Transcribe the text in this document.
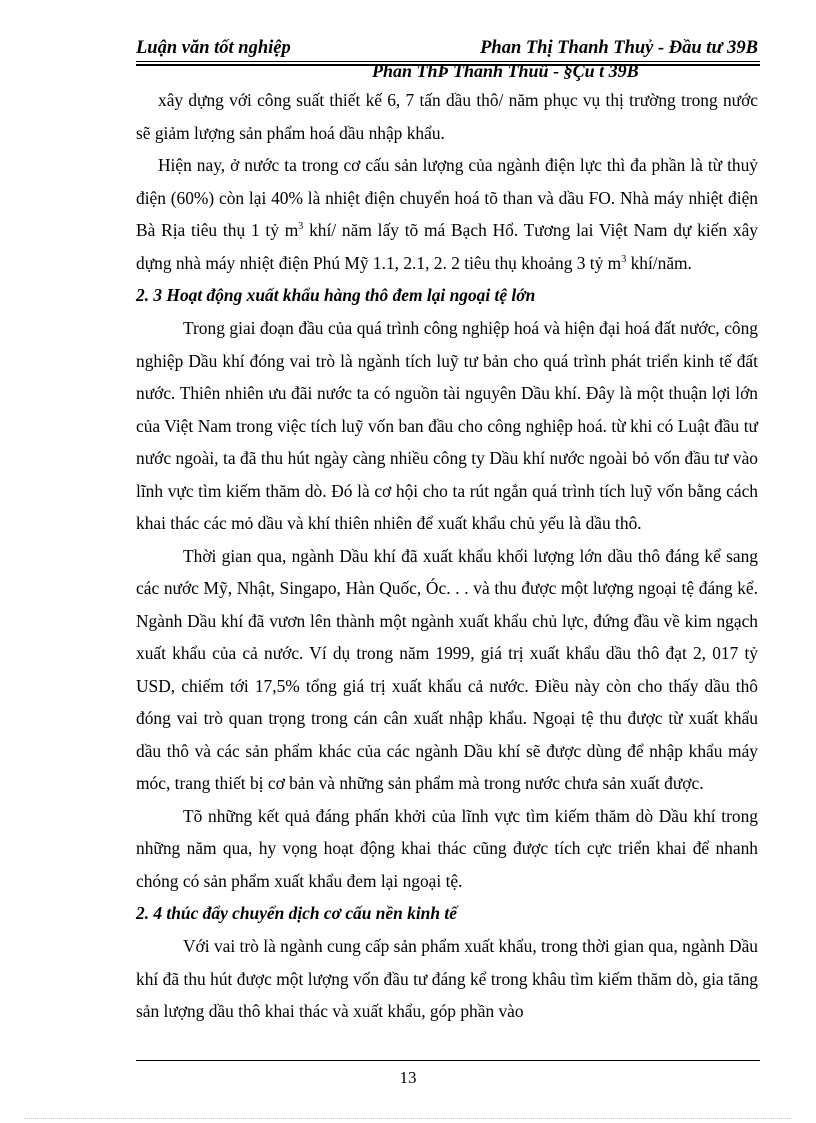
Luận văn tốt nghiệp	Phan Thị Thanh Thuỷ - Đầu tư 39B
Phan ThÞ Thanh Thuû - §Çu t 39B

xây dựng với công suất thiết kế 6, 7 tấn dầu thô/ năm phục vụ thị trường trong nước sẽ giảm lượng sản phẩm hoá dầu nhập khẩu.

Hiện nay, ở nước ta trong cơ cấu sản lượng của ngành điện lực thì đa phần là từ thuỷ điện (60%) còn lại 40% là nhiệt điện chuyển hoá tõ than và dầu FO. Nhà máy nhiệt điện Bà Rịa tiêu thụ 1 tỷ $m^3$ khí/ năm lấy tõ má Bạch Hổ. Tương lai Việt Nam dự kiến xây dựng nhà máy nhiệt điện Phú Mỹ 1.1, 2.1, 2. 2 tiêu thụ khoảng 3 tỷ $m^3$ khí/năm.

2. 3 Hoạt động xuất khẩu hàng thô đem lại ngoại tệ lớn

Trong giai đoạn đầu của quá trình công nghiệp hoá và hiện đại hoá đất nước, công nghiệp Dầu khí đóng vai trò là ngành tích luỹ tư bản cho quá trình phát triển kinh tế đất nước. Thiên nhiên ưu đãi nước ta có nguồn tài nguyên Dầu khí. Đây là một thuận lợi lớn của Việt Nam trong việc tích luỹ vốn ban đầu cho công nghiệp hoá. từ khi có Luật đầu tư nước ngoài, ta đã thu hút ngày càng nhiều công ty Dầu khí nước ngoài bỏ vốn đầu tư vào lĩnh vực tìm kiếm thăm dò. Đó là cơ hội cho ta rút ngắn quá trình tích luỹ vốn bằng cách khai thác các mỏ dầu và khí thiên nhiên để xuất khẩu chủ yếu là dầu thô.

Thời gian qua, ngành Dầu khí đã xuất khẩu khối lượng lớn dầu thô đáng kể sang các nước Mỹ, Nhật, Singapo, Hàn Quốc, Óc. . . và thu được một lượng ngoại tệ đáng kể. Ngành Dầu khí đã vươn lên thành một ngành xuất khẩu chủ lực, đứng đầu về kim ngạch xuất khẩu của cả nước. Ví dụ trong năm 1999, giá trị xuất khẩu dầu thô đạt 2, 017 tỷ USD, chiếm tới 17,5% tổng giá trị xuất khẩu cả nước. Điều này còn cho thấy dầu thô đóng vai trò quan trọng trong cán cân xuất nhập khẩu. Ngoại tệ thu được từ xuất khẩu dầu thô và các sản phẩm khác của các ngành Dầu khí sẽ được dùng để nhập khẩu máy móc, trang thiết bị cơ bản và những sản phẩm mà trong nước chưa sản xuất được.

Tõ những kết quả đáng phấn khởi của lĩnh vực tìm kiếm thăm dò Dầu khí trong những năm qua, hy vọng hoạt động khai thác cũng được tích cực triển khai để nhanh chóng có sản phẩm xuất khẩu đem lại ngoại tệ.

2. 4 thúc đẩy chuyển dịch cơ cấu nền kinh tế

Với vai trò là ngành cung cấp sản phẩm xuất khẩu, trong thời gian qua, ngành Dầu khí đã thu hút được một lượng vốn đầu tư đáng kể trong khâu tìm kiếm thăm dò, gia tăng sản lượng dầu thô khai thác và xuất khẩu, góp phần vào

13
